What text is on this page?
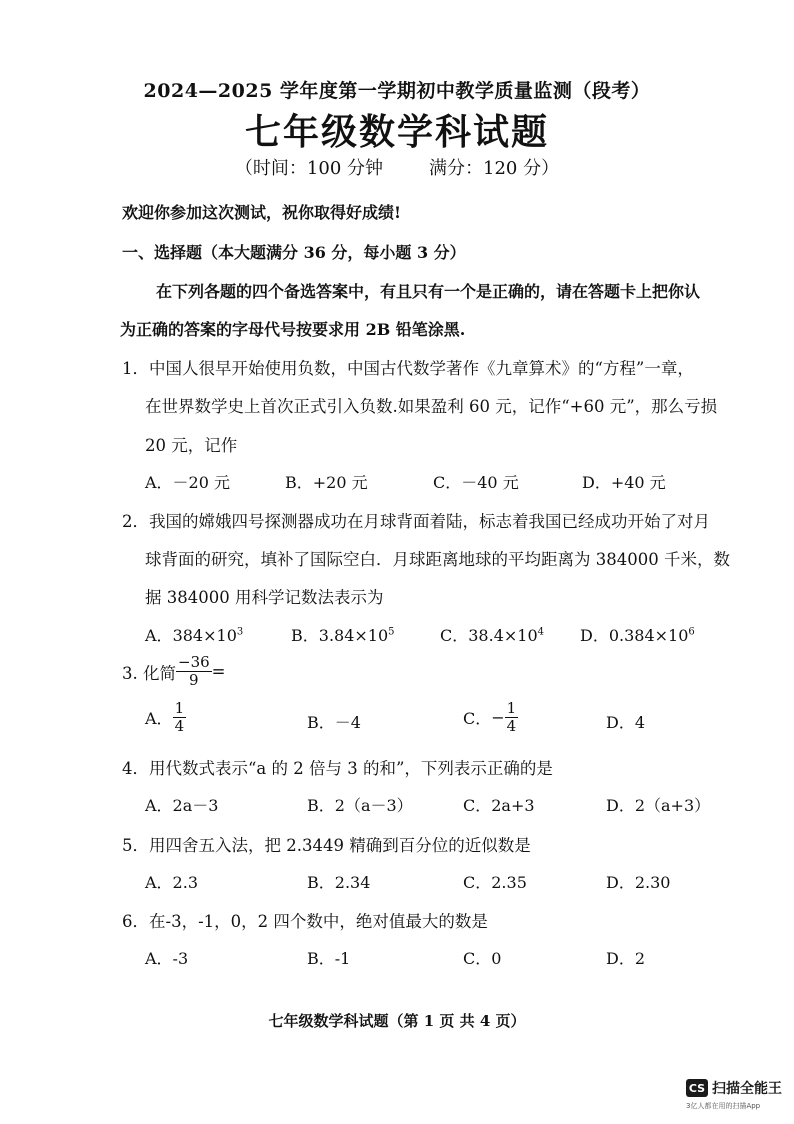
2024—2025 学年度第一学期初中教学质量监测（段考）
七年级数学科试题
（时间：100 分钟	满分：120 分）
欢迎你参加这次测试，祝你取得好成绩!
一、选择题（本大题满分 36 分，每小题 3 分）
在下列各题的四个备选答案中，有且只有一个是正确的，请在答题卡上把你认
为正确的答案的字母代号按要求用 2B 铅笔涂黑.
1．中国人很早开始使用负数，中国古代数学著作《九章算术》的“方程”一章，
在世界数学史上首次正式引入负数.如果盈利 60 元，记作“+60 元”，那么亏损
20 元，记作
A．－20 元	B．+20 元	C．－40 元	D．+40 元
2．我国的嫦娥四号探测器成功在月球背面着陆，标志着我国已经成功开始了对月
球背面的研究，填补了国际空白．月球距离地球的平均距离为 384000 千米，数
据 384000 用科学记数法表示为
A．$384\times 10^3$	B．$3.84\times 10^5$	C．$38.4\times 10^4$ D．$0.384\times 10^6$
3. 化简 $\frac{-36}{9}$ =
A． $\frac{1}{4}$	B．－4	C． − $\frac{1}{4}$	D．4
4．用代数式表示“a 的 2 倍与 3 的和”，下列表示正确的是
A．2a－3	B．2（a－3）	C．2a+3	D．2（a+3）
5．用四舍五入法，把 2.3449 精确到百分位的近似数是
A．2.3	B．2.34	C．2.35	D．2.30
6．在-3，-1，0，2 四个数中，绝对值最大的数是
A．-3	B．-1	C．0	D．2
七年级数学科试题（第 1 页 共 4 页）
CS 扫描全能王
3亿人都在用的扫描App
